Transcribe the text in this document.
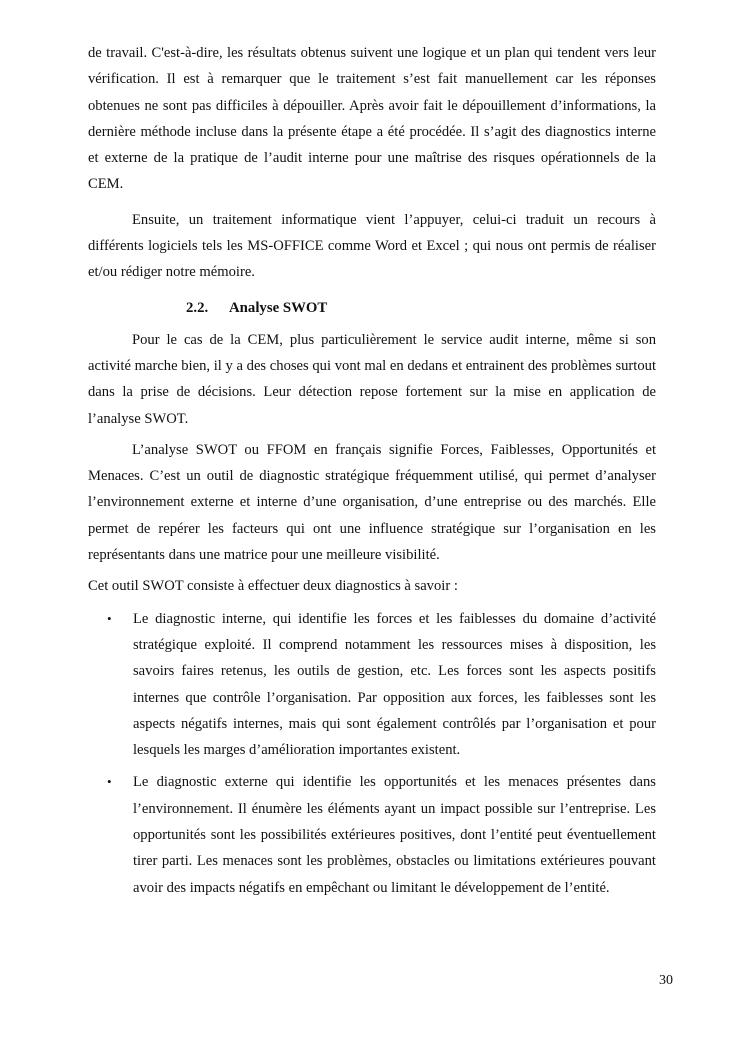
de travail. C'est-à-dire, les résultats obtenus suivent une logique et un plan qui tendent vers leur vérification. Il est à remarquer que le traitement s’est fait manuellement car les réponses obtenues ne sont pas difficiles à dépouiller. Après avoir fait le dépouillement d’informations, la dernière méthode incluse dans la présente étape a été procédée. Il s’agit des diagnostics interne et externe de la pratique de l’audit interne pour une maîtrise des risques opérationnels de la CEM.

Ensuite, un traitement informatique vient l’appuyer, celui-ci traduit un recours à différents logiciels tels les MS-OFFICE comme Word et Excel ; qui nous ont permis de réaliser et/ou rédiger notre mémoire.

2.2. Analyse SWOT

Pour le cas de la CEM, plus particulièrement le service audit interne, même si son activité marche bien, il y a des choses qui vont mal en dedans et entrainent des problèmes surtout dans la prise de décisions. Leur détection repose fortement sur la mise en application de l’analyse SWOT.

L’analyse SWOT ou FFOM en français signifie Forces, Faiblesses, Opportunités et Menaces. C’est un outil de diagnostic stratégique fréquemment utilisé, qui permet d’analyser l’environnement externe et interne d’une organisation, d’une entreprise ou des marchés. Elle permet de repérer les facteurs qui ont une influence stratégique sur l’organisation en les représentants dans une matrice pour une meilleure visibilité.

Cet outil SWOT consiste à effectuer deux diagnostics à savoir :

• Le diagnostic interne, qui identifie les forces et les faiblesses du domaine d’activité stratégique exploité. Il comprend notamment les ressources mises à disposition, les savoirs faires retenus, les outils de gestion, etc. Les forces sont les aspects positifs internes que contrôle l’organisation. Par opposition aux forces, les faiblesses sont les aspects négatifs internes, mais qui sont également contrôlés par l’organisation et pour lesquels les marges d’amélioration importantes existent.

• Le diagnostic externe qui identifie les opportunités et les menaces présentes dans l’environnement. Il énumère les éléments ayant un impact possible sur l’entreprise. Les opportunités sont les possibilités extérieures positives, dont l’entité peut éventuellement tirer parti. Les menaces sont les problèmes, obstacles ou limitations extérieures pouvant avoir des impacts négatifs en empêchant ou limitant le développement de l’entité.

30
